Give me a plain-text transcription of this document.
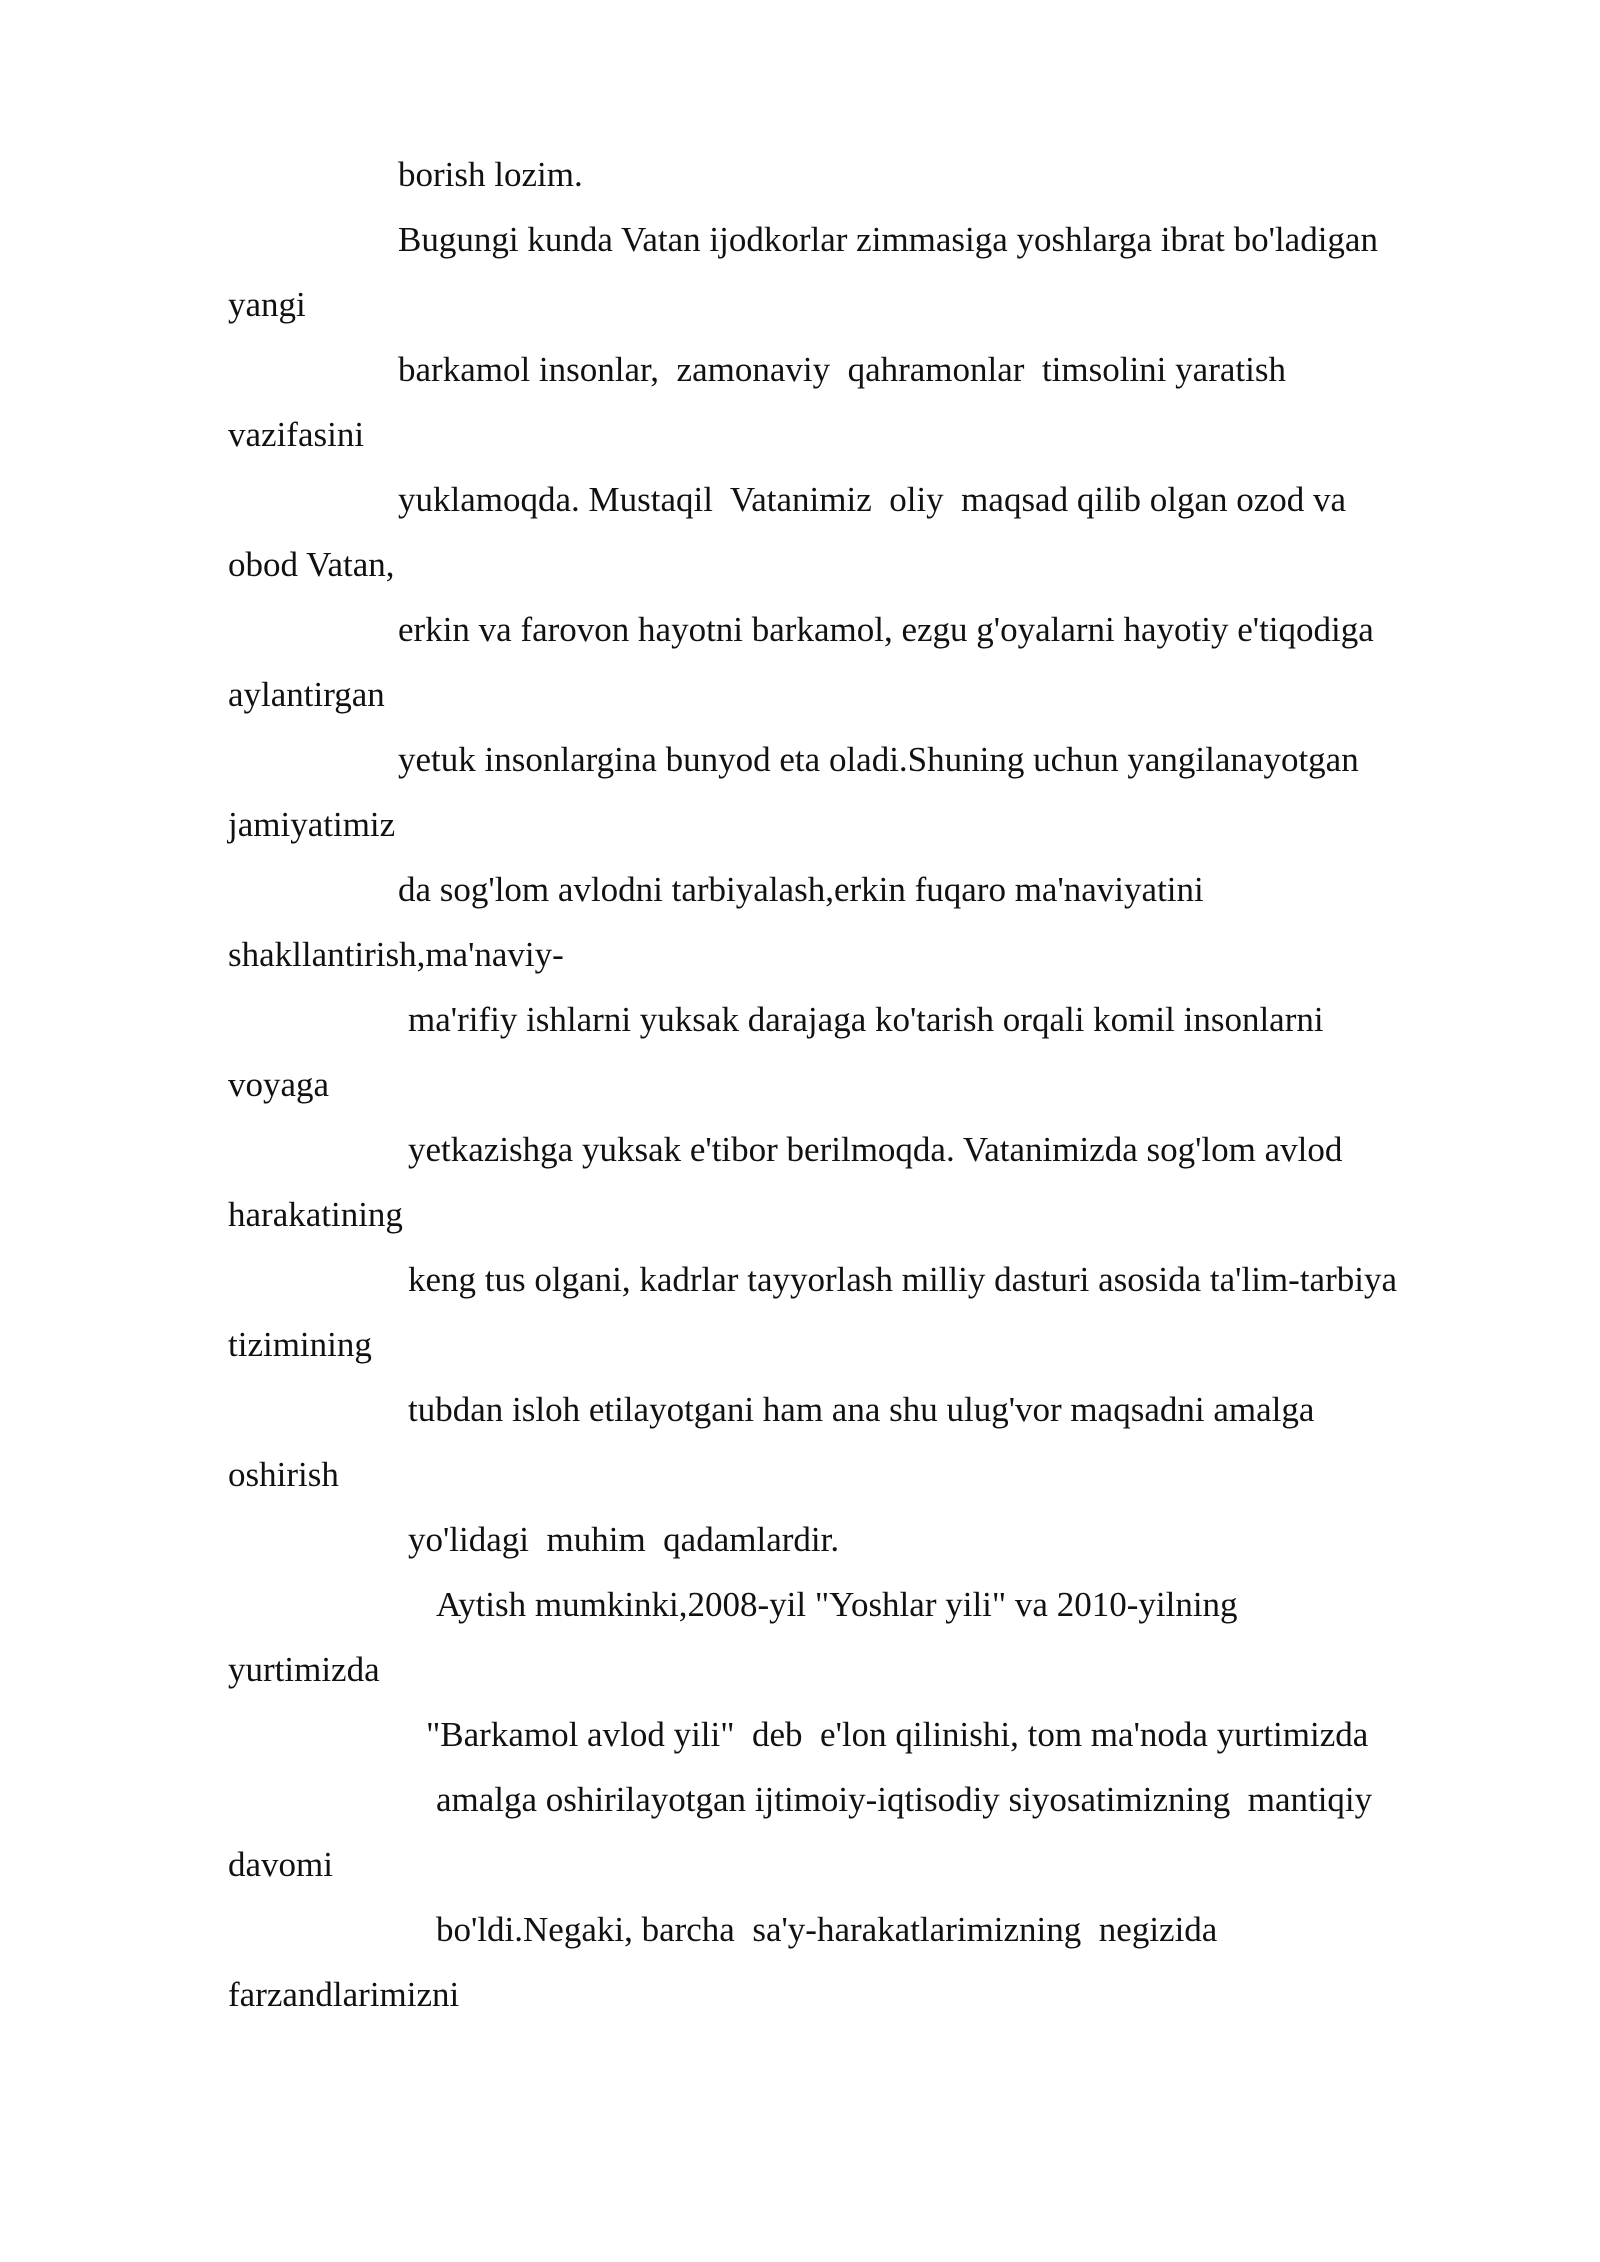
borish lozim.
Bugungi kunda Vatan ijodkorlar zimmasiga yoshlarga ibrat bo'ladigan
yangi
barkamol insonlar,  zamonaviy  qahramonlar  timsolini yaratish
vazifasini
yuklamoqda. Mustaqil  Vatanimiz  oliy  maqsad qilib olgan ozod va
obod Vatan,
erkin va farovon hayotni barkamol, ezgu g'oyalarni hayotiy e'tiqodiga
aylantirgan
yetuk insonlargina bunyod eta oladi.Shuning uchun yangilanayotgan
jamiyatimiz
da sog'lom avlodni tarbiyalash,erkin fuqaro ma'naviyatini
shakllantirish,ma'naviy-
ma'rifiy ishlarni yuksak darajaga ko'tarish orqali komil insonlarni
voyaga
yetkazishga yuksak e'tibor berilmoqda. Vatanimizda sog'lom avlod
harakatining
keng tus olgani, kadrlar tayyorlash milliy dasturi asosida ta'lim-tarbiya
tizimining
tubdan isloh etilayotgani ham ana shu ulug'vor maqsadni amalga
oshirish
yo'lidagi  muhim  qadamlardir.
Aytish mumkinki,2008-yil "Yoshlar yili" va 2010-yilning
yurtimizda
"Barkamol avlod yili"  deb  e'lon qilinishi, tom ma'noda yurtimizda
amalga oshirilayotgan ijtimoiy-iqtisodiy siyosatimizning  mantiqiy
davomi
bo'ldi.Negaki, barcha  sa'y-harakatlarimizning  negizida
farzandlarimizni
